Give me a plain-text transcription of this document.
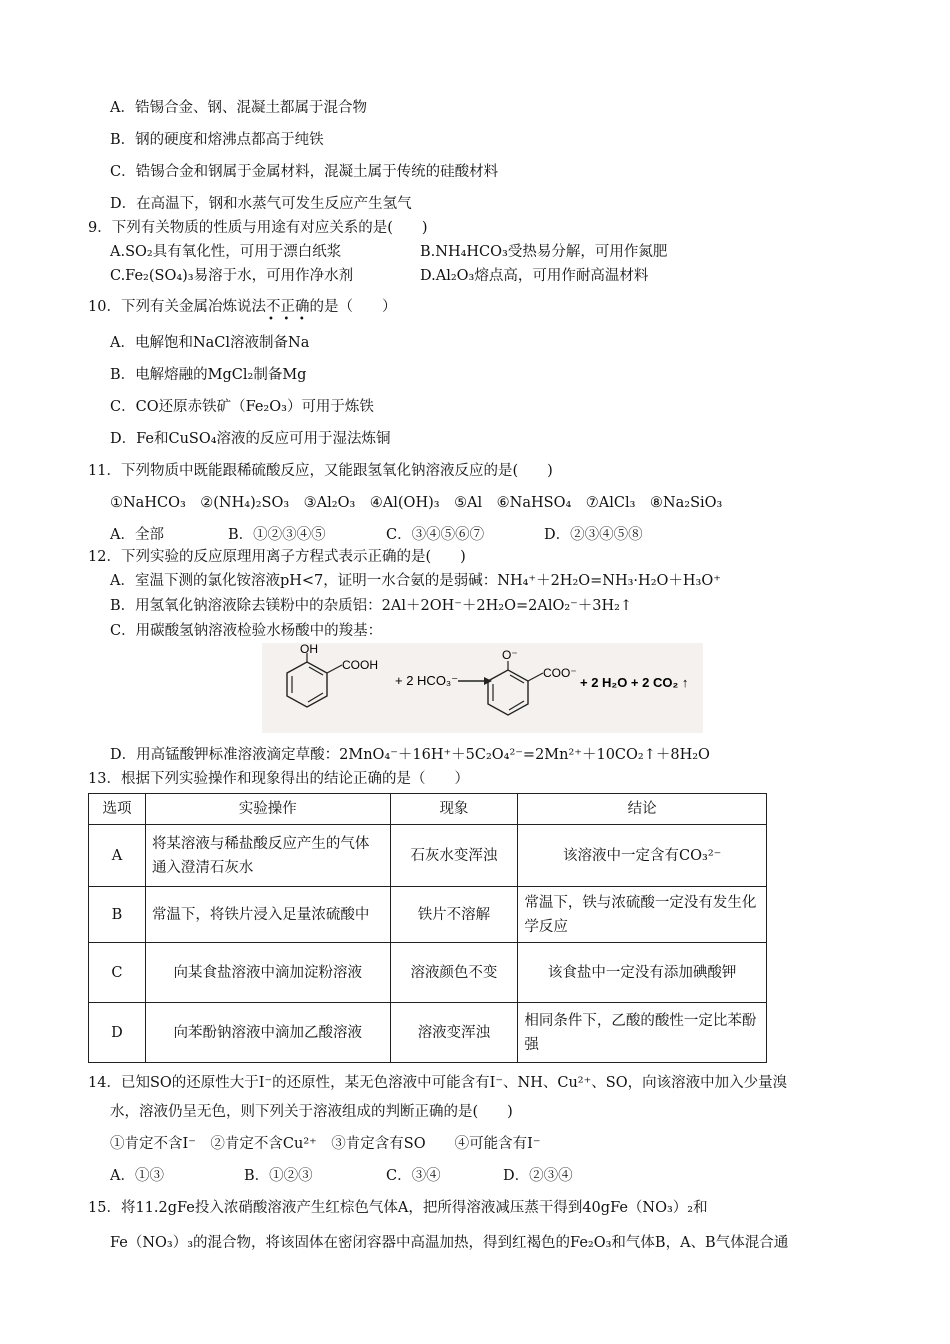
A．锆锡合金、钢、混凝土都属于混合物
B．钢的硬度和熔沸点都高于纯铁
C．锆锡合金和钢属于金属材料，混凝土属于传统的硅酸材料
D．在高温下，钢和水蒸气可发生反应产生氢气
9．下列有关物质的性质与用途有对应关系的是(　　)
A.SO₂具有氧化性，可用于漂白纸浆	B.NH₄HCO₃受热易分解，可用作氮肥
C.Fe₂(SO₄)₃易溶于水，可用作净水剂	D.Al₂O₃熔点高，可用作耐高温材料
10．下列有关金属冶炼说法不正确的是（　　）
•   •   •
A．电解饱和NaCl溶液制备Na
B．电解熔融的MgCl₂制备Mg
C．CO还原赤铁矿（Fe₂O₃）可用于炼铁
D．Fe和CuSO₄溶液的反应可用于湿法炼铜
11．下列物质中既能跟稀硫酸反应，又能跟氢氧化钠溶液反应的是(　　)
①NaHCO₃　②(NH₄)₂SO₃　③Al₂O₃　④Al(OH)₃　⑤Al　⑥NaHSO₄　⑦AlCl₃　⑧Na₂SiO₃
A．全部	B．①②③④⑤	C．③④⑤⑥⑦	D．②③④⑤⑧
12．下列实验的反应原理用离子方程式表示正确的是(　　)
A．室温下测的氯化铵溶液pH<7，证明一水合氨的是弱碱：NH₄⁺＋2H₂O=NH₃·H₂O＋H₃O⁺
B．用氢氧化钠溶液除去镁粉中的杂质铝：2Al＋2OH⁻＋2H₂O=2AlO₂⁻＋3H₂↑
C．用碳酸氢钠溶液检验水杨酸中的羧基：
OH
COOH
+ 2 HCO₃⁻
O⁻
COO⁻
+ 2 H₂O + 2 CO₂ ↑
D．用高锰酸钾标准溶液滴定草酸：2MnO₄⁻＋16H⁺＋5C₂O₄²⁻=2Mn²⁺＋10CO₂↑＋8H₂O
13．根据下列实验操作和现象得出的结论正确的是（　　）
选项	实验操作	现象	结论
A	将某溶液与稀盐酸反应产生的气体通入澄清石灰水	石灰水变浑浊	该溶液中一定含有CO₃²⁻
B	常温下，将铁片浸入足量浓硫酸中	铁片不溶解	常温下，铁与浓硫酸一定没有发生化学反应
C	向某食盐溶液中滴加淀粉溶液	溶液颜色不变	该食盐中一定没有添加碘酸钾
D	向苯酚钠溶液中滴加乙酸溶液	溶液变浑浊	相同条件下，乙酸的酸性一定比苯酚强
14．已知SO的还原性大于I⁻的还原性，某无色溶液中可能含有I⁻、NH、Cu²⁺、SO，向该溶液中加入少量溴
水，溶液仍呈无色，则下列关于溶液组成的判断正确的是(　　)
①肯定不含I⁻　②肯定不含Cu²⁺　③肯定含有SO　　④可能含有I⁻
A．①③	B．①②③	C．③④	D．②③④
15．将11.2gFe投入浓硝酸溶液产生红棕色气体A，把所得溶液减压蒸干得到40gFe（NO₃）₂和
Fe（NO₃）₃的混合物，将该固体在密闭容器中高温加热，得到红褐色的Fe₂O₃和气体B，A、B气体混合通
